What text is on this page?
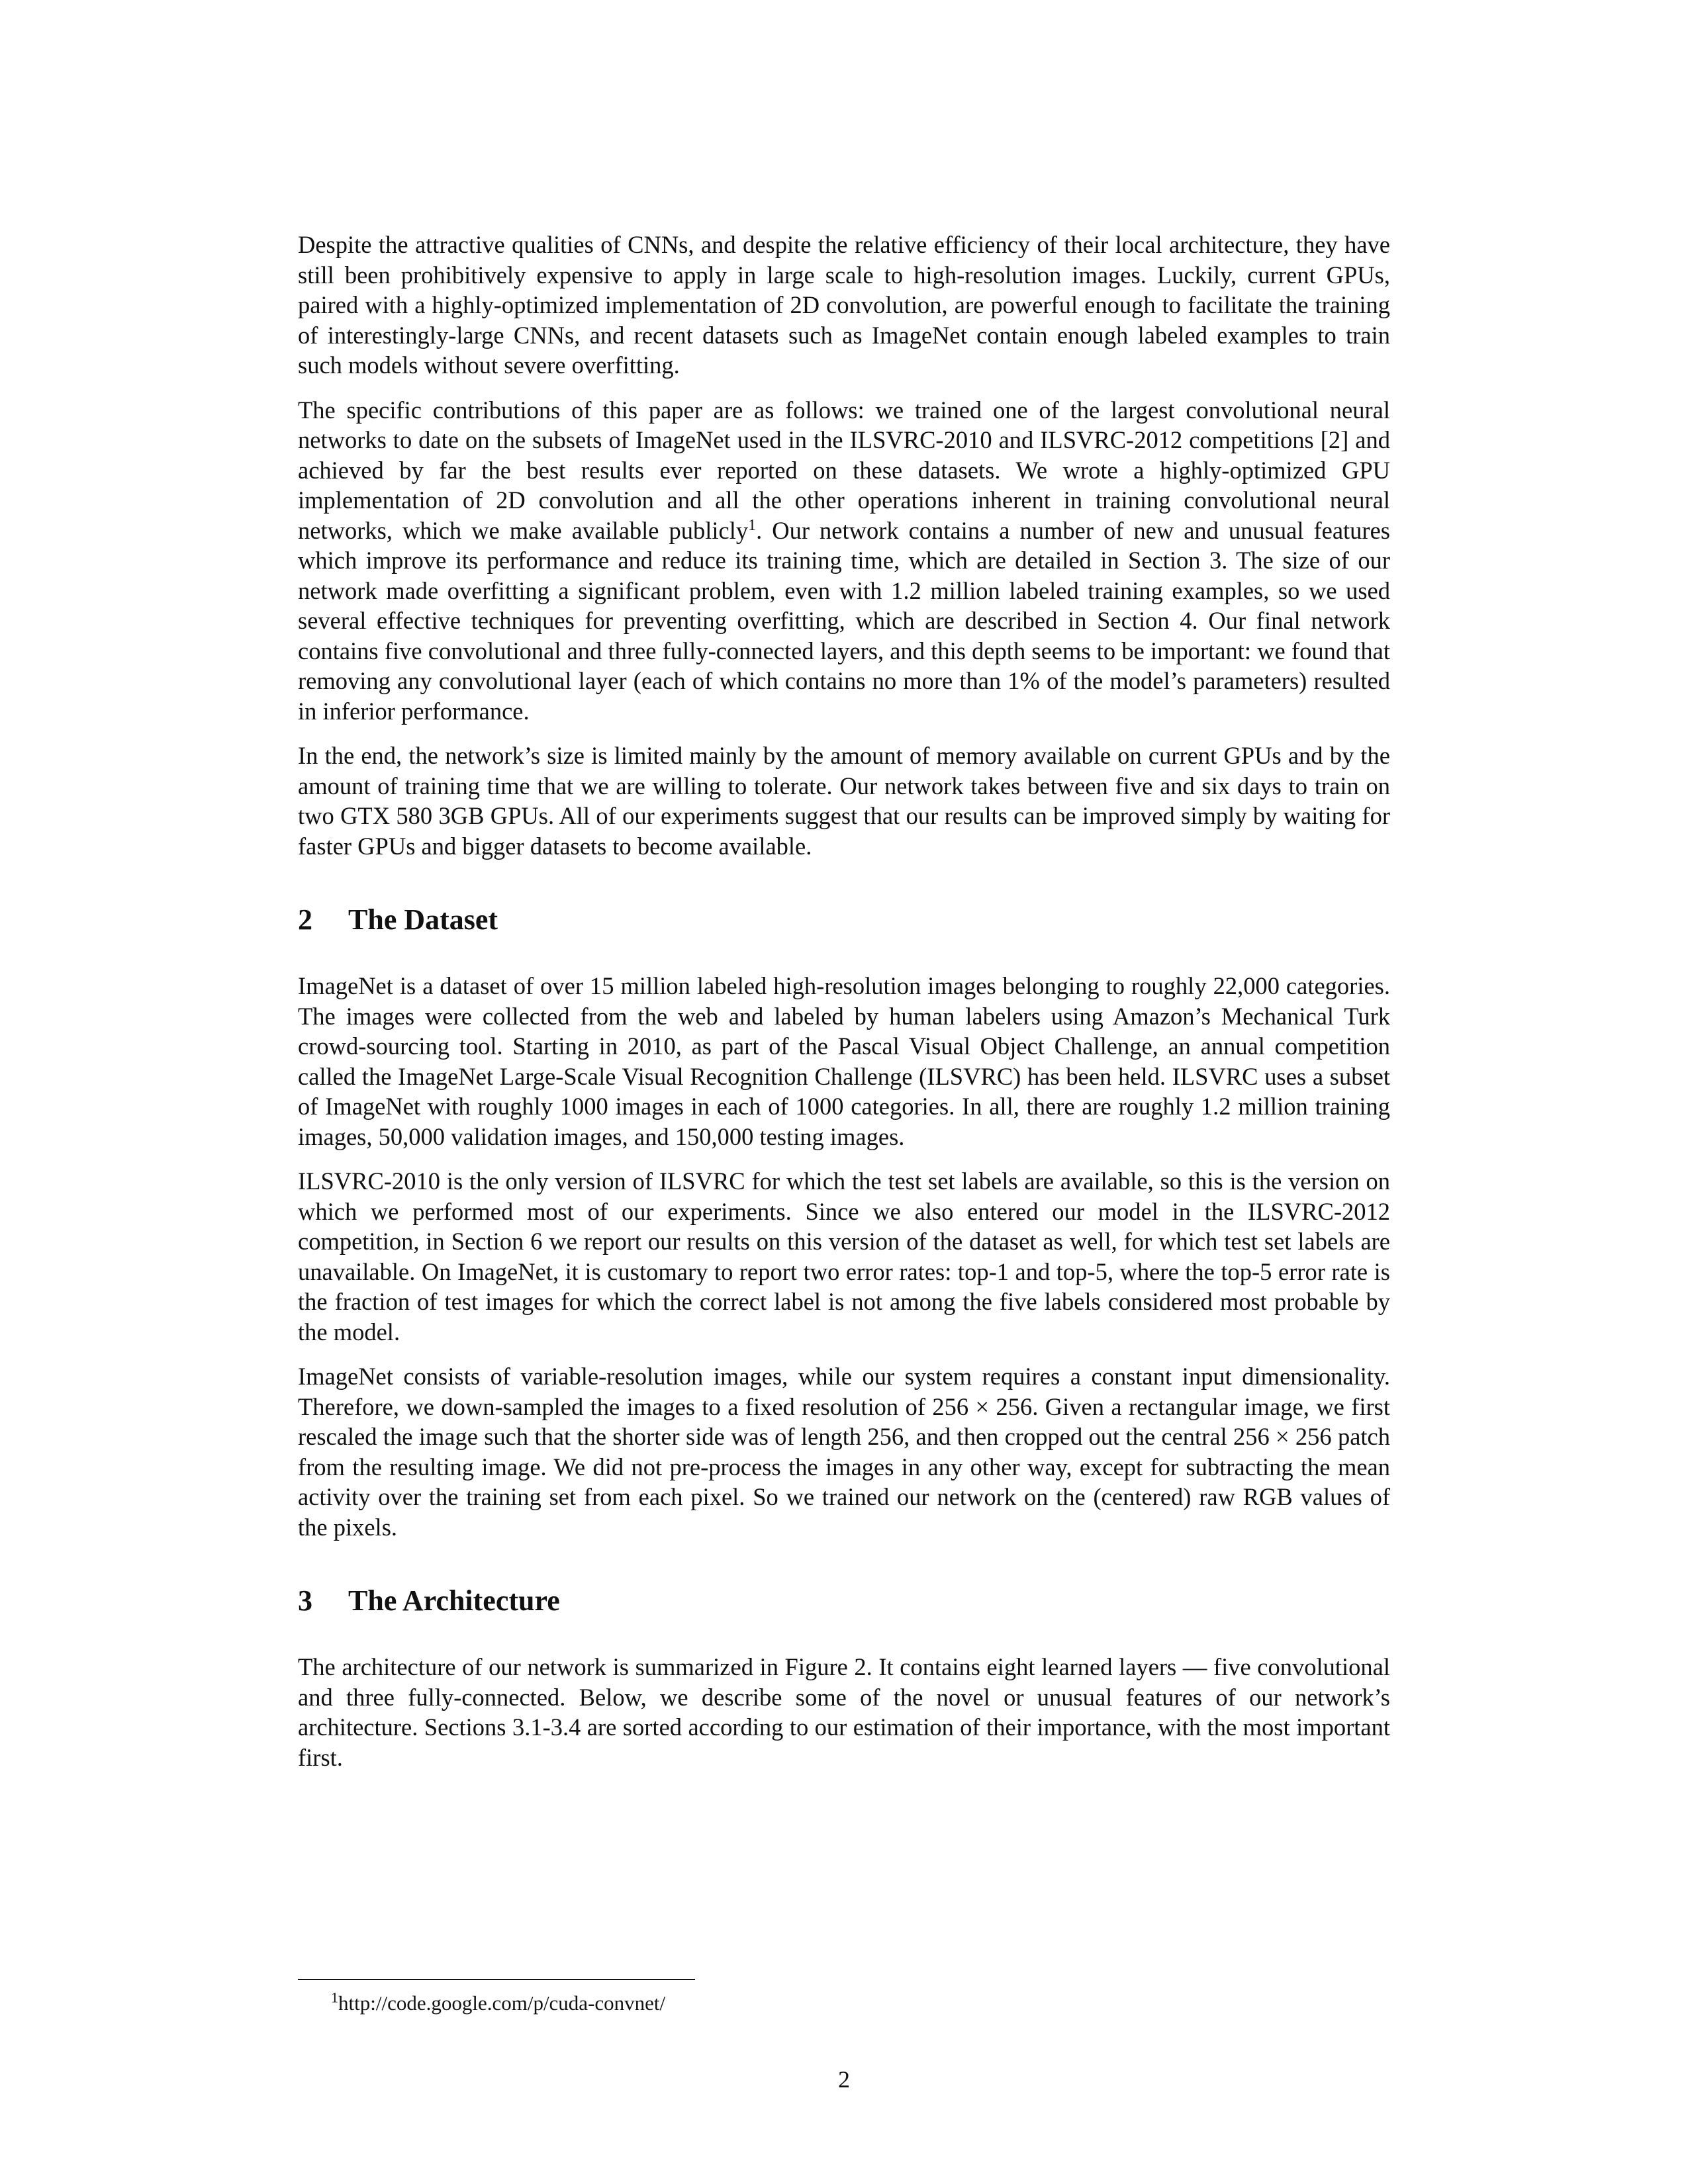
Despite the attractive qualities of CNNs, and despite the relative efficiency of their local architecture, they have still been prohibitively expensive to apply in large scale to high-resolution images. Luckily, current GPUs, paired with a highly-optimized implementation of 2D convolution, are powerful enough to facilitate the training of interestingly-large CNNs, and recent datasets such as ImageNet contain enough labeled examples to train such models without severe overfitting.

The specific contributions of this paper are as follows: we trained one of the largest convolutional neural networks to date on the subsets of ImageNet used in the ILSVRC-2010 and ILSVRC-2012 competitions [2] and achieved by far the best results ever reported on these datasets. We wrote a highly-optimized GPU implementation of 2D convolution and all the other operations inherent in training convolutional neural networks, which we make available publicly$^1$. Our network contains a number of new and unusual features which improve its performance and reduce its training time, which are detailed in Section 3. The size of our network made overfitting a significant problem, even with 1.2 million labeled training examples, so we used several effective techniques for preventing overfitting, which are described in Section 4. Our final network contains five convolutional and three fully-connected layers, and this depth seems to be important: we found that removing any convolutional layer (each of which contains no more than 1% of the model’s parameters) resulted in inferior performance.

In the end, the network’s size is limited mainly by the amount of memory available on current GPUs and by the amount of training time that we are willing to tolerate. Our network takes between five and six days to train on two GTX 580 3GB GPUs. All of our experiments suggest that our results can be improved simply by waiting for faster GPUs and bigger datasets to become available.

2 The Dataset

ImageNet is a dataset of over 15 million labeled high-resolution images belonging to roughly 22,000 categories. The images were collected from the web and labeled by human labelers using Amazon’s Mechanical Turk crowd-sourcing tool. Starting in 2010, as part of the Pascal Visual Object Challenge, an annual competition called the ImageNet Large-Scale Visual Recognition Challenge (ILSVRC) has been held. ILSVRC uses a subset of ImageNet with roughly 1000 images in each of 1000 categories. In all, there are roughly 1.2 million training images, 50,000 validation images, and 150,000 testing images.

ILSVRC-2010 is the only version of ILSVRC for which the test set labels are available, so this is the version on which we performed most of our experiments. Since we also entered our model in the ILSVRC-2012 competition, in Section 6 we report our results on this version of the dataset as well, for which test set labels are unavailable. On ImageNet, it is customary to report two error rates: top-1 and top-5, where the top-5 error rate is the fraction of test images for which the correct label is not among the five labels considered most probable by the model.

ImageNet consists of variable-resolution images, while our system requires a constant input dimensionality. Therefore, we down-sampled the images to a fixed resolution of 256 × 256. Given a rectangular image, we first rescaled the image such that the shorter side was of length 256, and then cropped out the central 256 × 256 patch from the resulting image. We did not pre-process the images in any other way, except for subtracting the mean activity over the training set from each pixel. So we trained our network on the (centered) raw RGB values of the pixels.

3 The Architecture

The architecture of our network is summarized in Figure 2. It contains eight learned layers — five convolutional and three fully-connected. Below, we describe some of the novel or unusual features of our network’s architecture. Sections 3.1-3.4 are sorted according to our estimation of their importance, with the most important first.

$^1$http://code.google.com/p/cuda-convnet/
2
